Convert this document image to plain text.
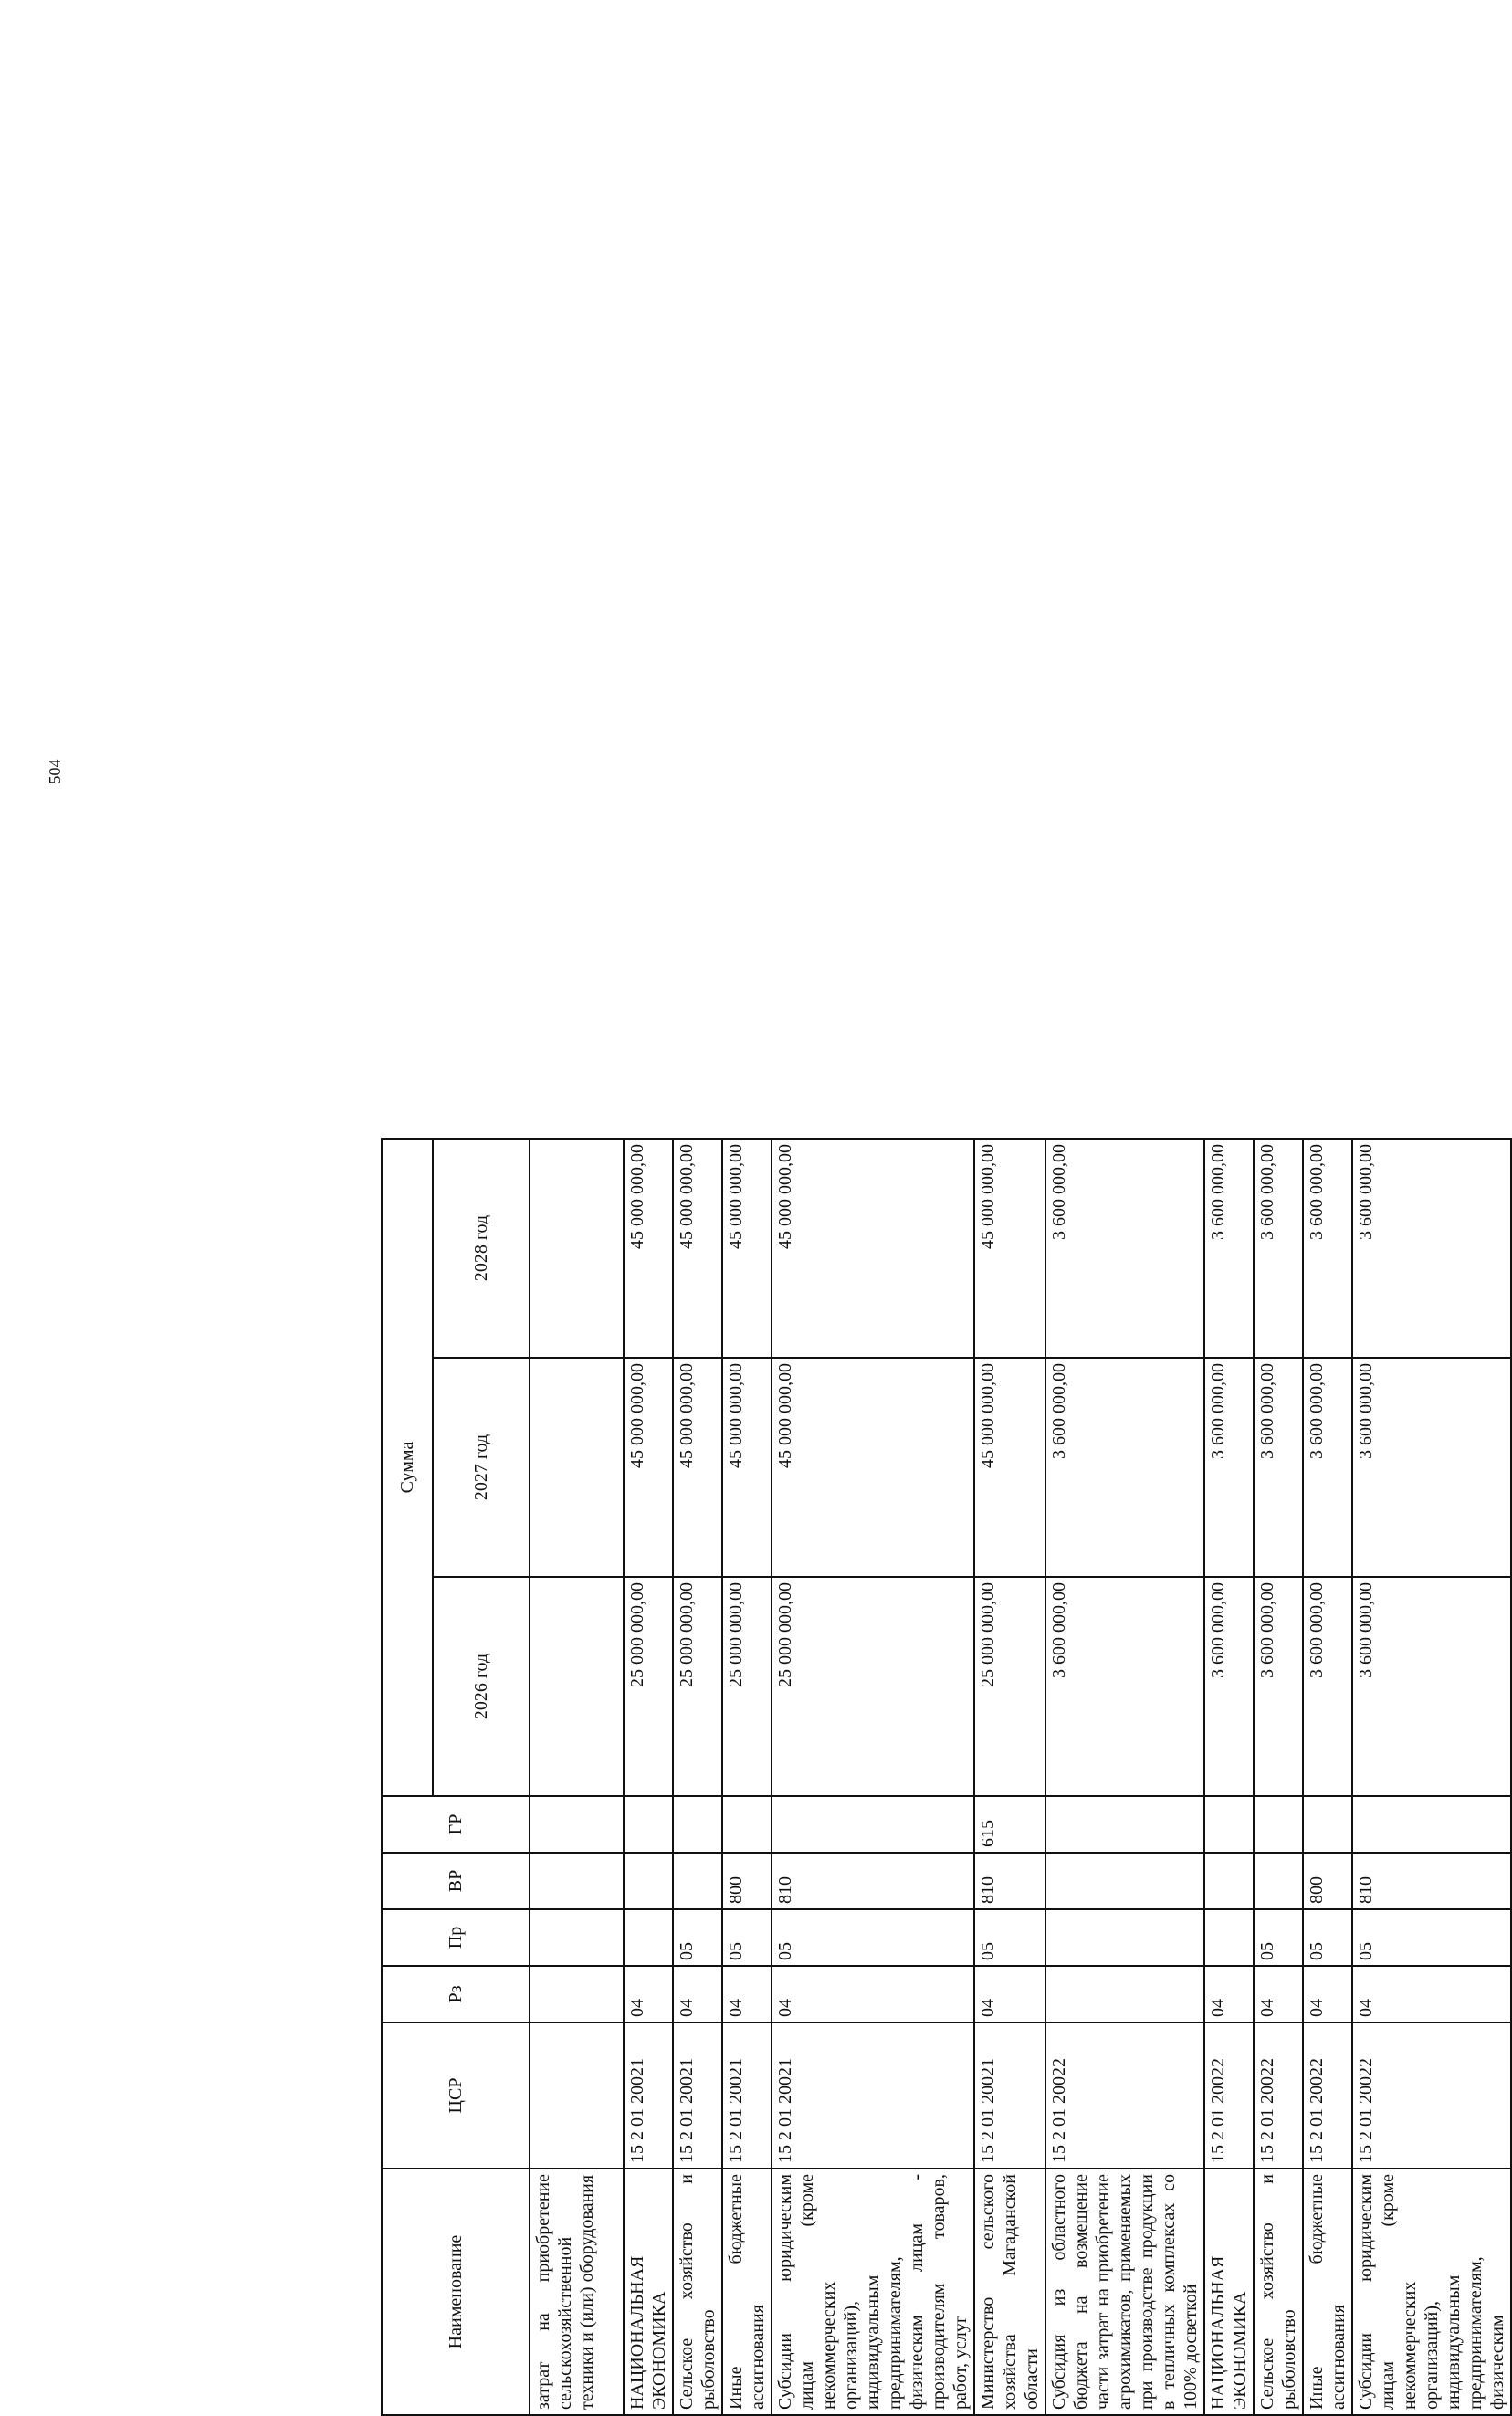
504
Наименование	ЦСР	Рз	Пр	ВР	ГР	Сумма		
						2026 год	2027 год	2028 год
затрат на приобретение сельскохозяйственной техники и (или) оборудования								
НАЦИОНАЛЬНАЯ ЭКОНОМИКА	15 2 01 20021	04				25 000 000,00	45 000 000,00	45 000 000,00
Сельское хозяйство и рыболовство	15 2 01 20021	04	05			25 000 000,00	45 000 000,00	45 000 000,00
Иные бюджетные ассигнования	15 2 01 20021	04	05	800		25 000 000,00	45 000 000,00	45 000 000,00
Субсидии юридическим лицам (кроме некоммерческих организаций), индивидуальным предпринимателям, физическим лицам - производителям товаров, работ, услуг	15 2 01 20021	04	05	810		25 000 000,00	45 000 000,00	45 000 000,00
Министерство сельского хозяйства Магаданской области	15 2 01 20021	04	05	810	615	25 000 000,00	45 000 000,00	45 000 000,00
Субсидия из областного бюджета на возмещение части затрат на приобретение агрохимикатов, применяемых при производстве продукции в тепличных комплексах со 100% досветкой	15 2 01 20022					3 600 000,00	3 600 000,00	3 600 000,00
НАЦИОНАЛЬНАЯ ЭКОНОМИКА	15 2 01 20022	04				3 600 000,00	3 600 000,00	3 600 000,00
Сельское хозяйство и рыболовство	15 2 01 20022	04	05			3 600 000,00	3 600 000,00	3 600 000,00
Иные бюджетные ассигнования	15 2 01 20022	04	05	800		3 600 000,00	3 600 000,00	3 600 000,00
Субсидии юридическим лицам (кроме некоммерческих организаций), индивидуальным предпринимателям, физическим	15 2 01 20022	04	05	810		3 600 000,00	3 600 000,00	3 600 000,00
